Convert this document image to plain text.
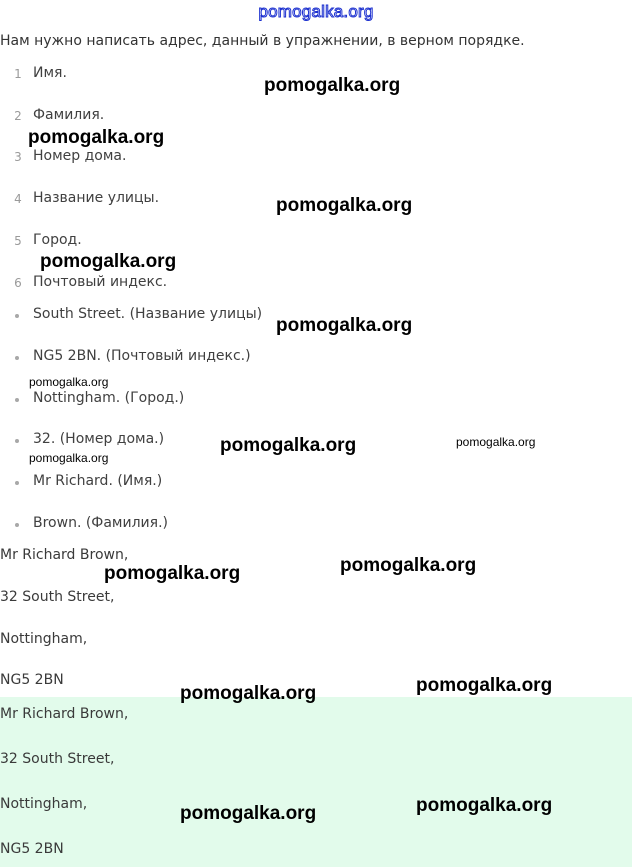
pomogalka.org
Нам нужно написать адрес, данный в упражнении, в верном порядке.
1 Имя.
2 Фамилия.
3 Номер дома.
4 Название улицы.
5 Город.
6 Почтовый индекс.
South Street. (Название улицы)
NG5 2BN. (Почтовый индекс.)
Nottingham. (Город.)
32. (Номер дома.)
Mr Richard. (Имя.)
Brown. (Фамилия.)
Mr Richard Brown,
32 South Street,
Nottingham,
NG5 2BN
Mr Richard Brown,
32 South Street,
Nottingham,
NG5 2BN
pomogalka.org
pomogalka.org
pomogalka.org
pomogalka.org
pomogalka.org
pomogalka.org
pomogalka.org	pomogalka.org
pomogalka.org
pomogalka.org
pomogalka.org
pomogalka.org
pomogalka.org
pomogalka.org
pomogalka.org
